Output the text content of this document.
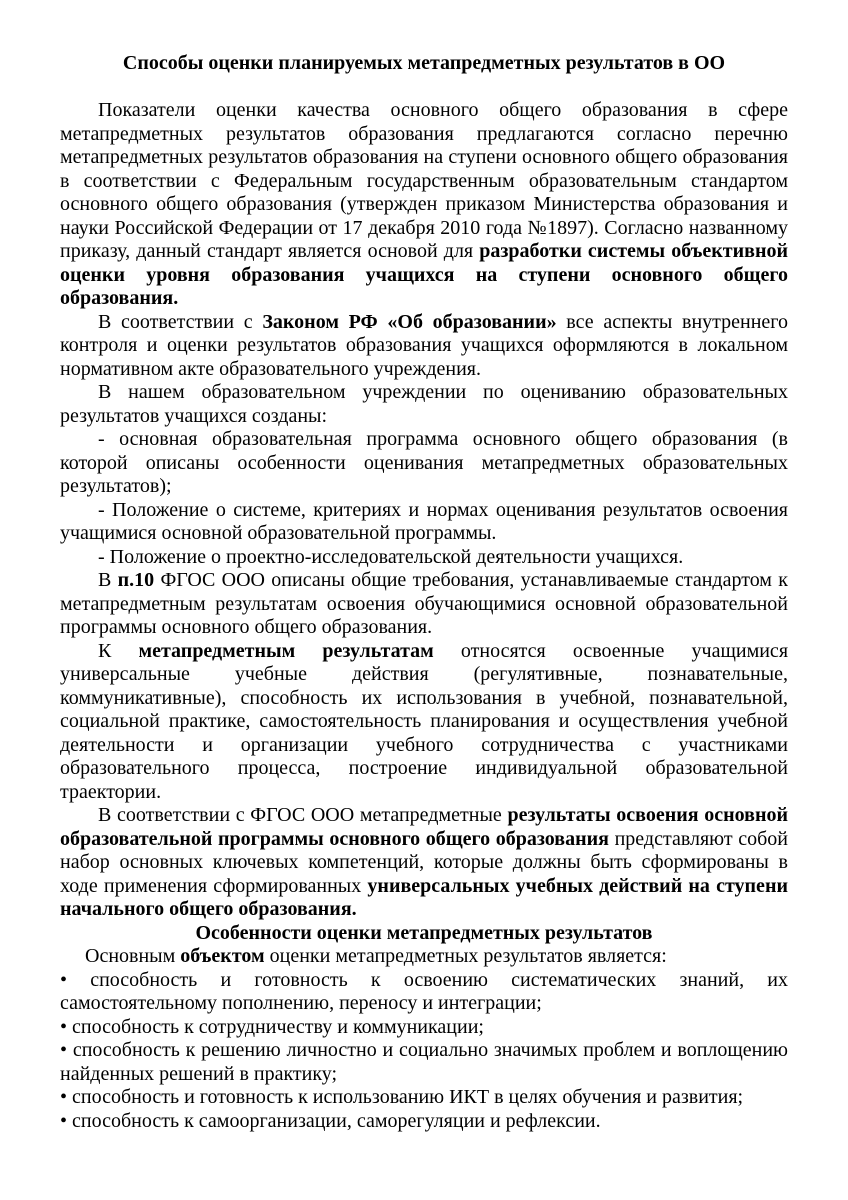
Способы оценки планируемых метапредметных результатов в ОО

Показатели оценки качества основного общего образования в сфере метапредметных результатов образования предлагаются согласно перечню метапредметных результатов образования на ступени основного общего образования в соответствии с Федеральным государственным образовательным стандартом основного общего образования (утвержден приказом Министерства образования и науки Российской Федерации от 17 декабря 2010 года №1897). Согласно названному приказу, данный стандарт является основой для разработки системы объективной оценки уровня образования учащихся на ступени основного общего образования.

В соответствии с Законом РФ «Об образовании» все аспекты внутреннего контроля и оценки результатов образования учащихся оформляются в локальном нормативном акте образовательного учреждения.

В нашем образовательном учреждении по оцениванию образовательных результатов учащихся созданы:

- основная образовательная программа основного общего образования (в которой описаны особенности оценивания метапредметных образовательных результатов);

- Положение о системе, критериях и нормах оценивания результатов освоения учащимися основной образовательной программы.

- Положение о проектно-исследовательской деятельности учащихся.

В п.10 ФГОС ООО описаны общие требования, устанавливаемые стандартом к метапредметным результатам освоения обучающимися основной образовательной программы основного общего образования.

К метапредметным результатам относятся освоенные учащимися универсальные учебные действия (регулятивные, познавательные, коммуникативные), способность их использования в учебной, познавательной, социальной практике, самостоятельность планирования и осуществления учебной деятельности и организации учебного сотрудничества с участниками образовательного процесса, построение индивидуальной образовательной траектории.

В соответствии с ФГОС ООО метапредметные результаты освоения основной образовательной программы основного общего образования представляют собой набор основных ключевых компетенций, которые должны быть сформированы в ходе применения сформированных универсальных учебных действий на ступени начального общего образования.

Особенности оценки метапредметных результатов

Основным объектом оценки метапредметных результатов является:

• способность и готовность к освоению систематических знаний, их самостоятельному пополнению, переносу и интеграции;

• способность к сотрудничеству и коммуникации;

• способность к решению личностно и социально значимых проблем и воплощению найденных решений в практику;

• способность и готовность к использованию ИКТ в целях обучения и развития;

• способность к самоорганизации, саморегуляции и рефлексии.
